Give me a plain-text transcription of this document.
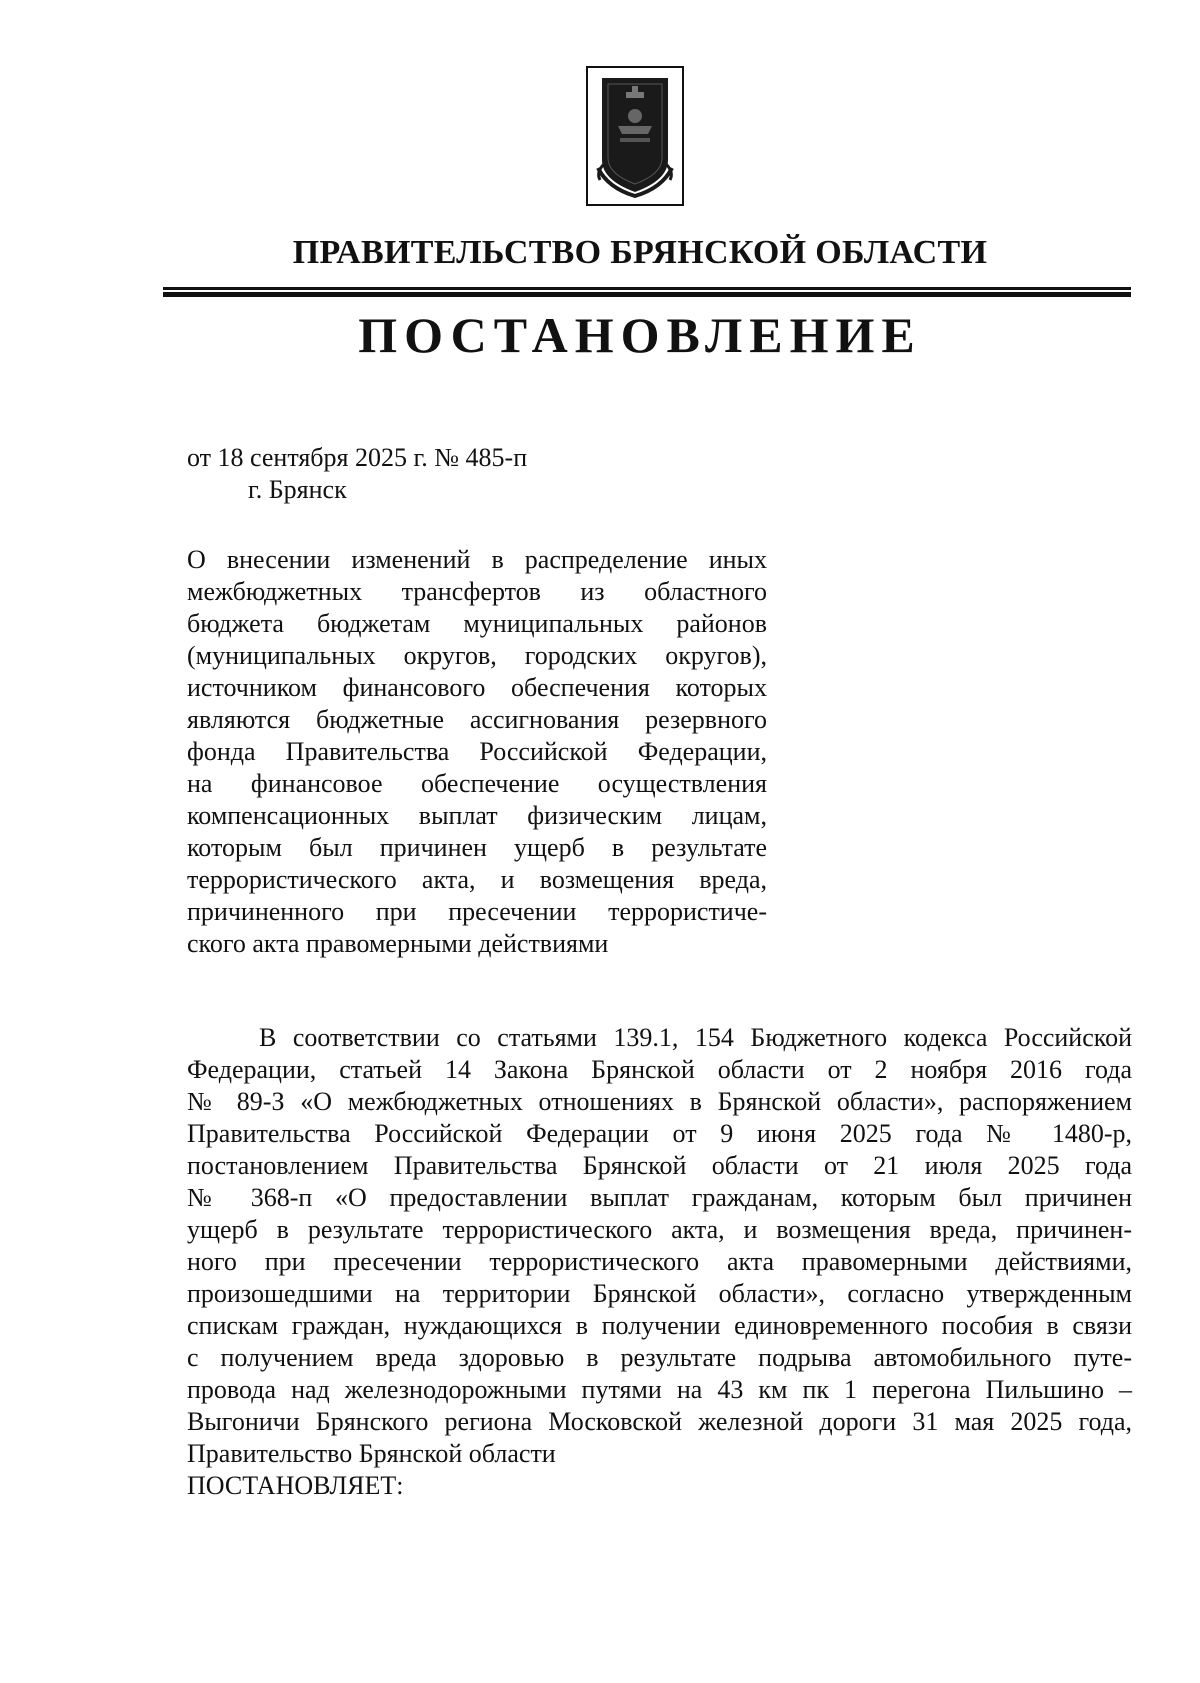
ПРАВИТЕЛЬСТВО БРЯНСКОЙ ОБЛАСТИ
ПОСТАНОВЛЕНИЕ
от 18 сентября 2025 г. № 485-п
г. Брянск
О внесении изменений в распределение иных
межбюджетных трансфертов из областного
бюджета бюджетам муниципальных районов
(муниципальных округов, городских округов),
источником финансового обеспечения которых
являются бюджетные ассигнования резервного
фонда Правительства Российской Федерации,
на финансовое обеспечение осуществления
компенсационных выплат физическим лицам,
которым был причинен ущерб в результате
террористического акта, и возмещения вреда,
причиненного при пресечении террористиче-
ского акта правомерными действиями
В соответствии со статьями 139.1, 154 Бюджетного кодекса Российской
Федерации, статьей 14 Закона Брянской области от 2 ноября 2016 года
№ 89-З «О межбюджетных отношениях в Брянской области», распоряжением
Правительства Российской Федерации от 9 июня 2025 года № 1480-р,
постановлением Правительства Брянской области от 21 июля 2025 года
№ 368-п «О предоставлении выплат гражданам, которым был причинен
ущерб в результате террористического акта, и возмещения вреда, причинен-
ного при пресечении террористического акта правомерными действиями,
произошедшими на территории Брянской области», согласно утвержденным
спискам граждан, нуждающихся в получении единовременного пособия в связи
с получением вреда здоровью в результате подрыва автомобильного путе-
провода над железнодорожными путями на 43 км пк 1 перегона Пильшино –
Выгоничи Брянского региона Московской железной дороги 31 мая 2025 года,
Правительство Брянской области
ПОСТАНОВЛЯЕТ:
